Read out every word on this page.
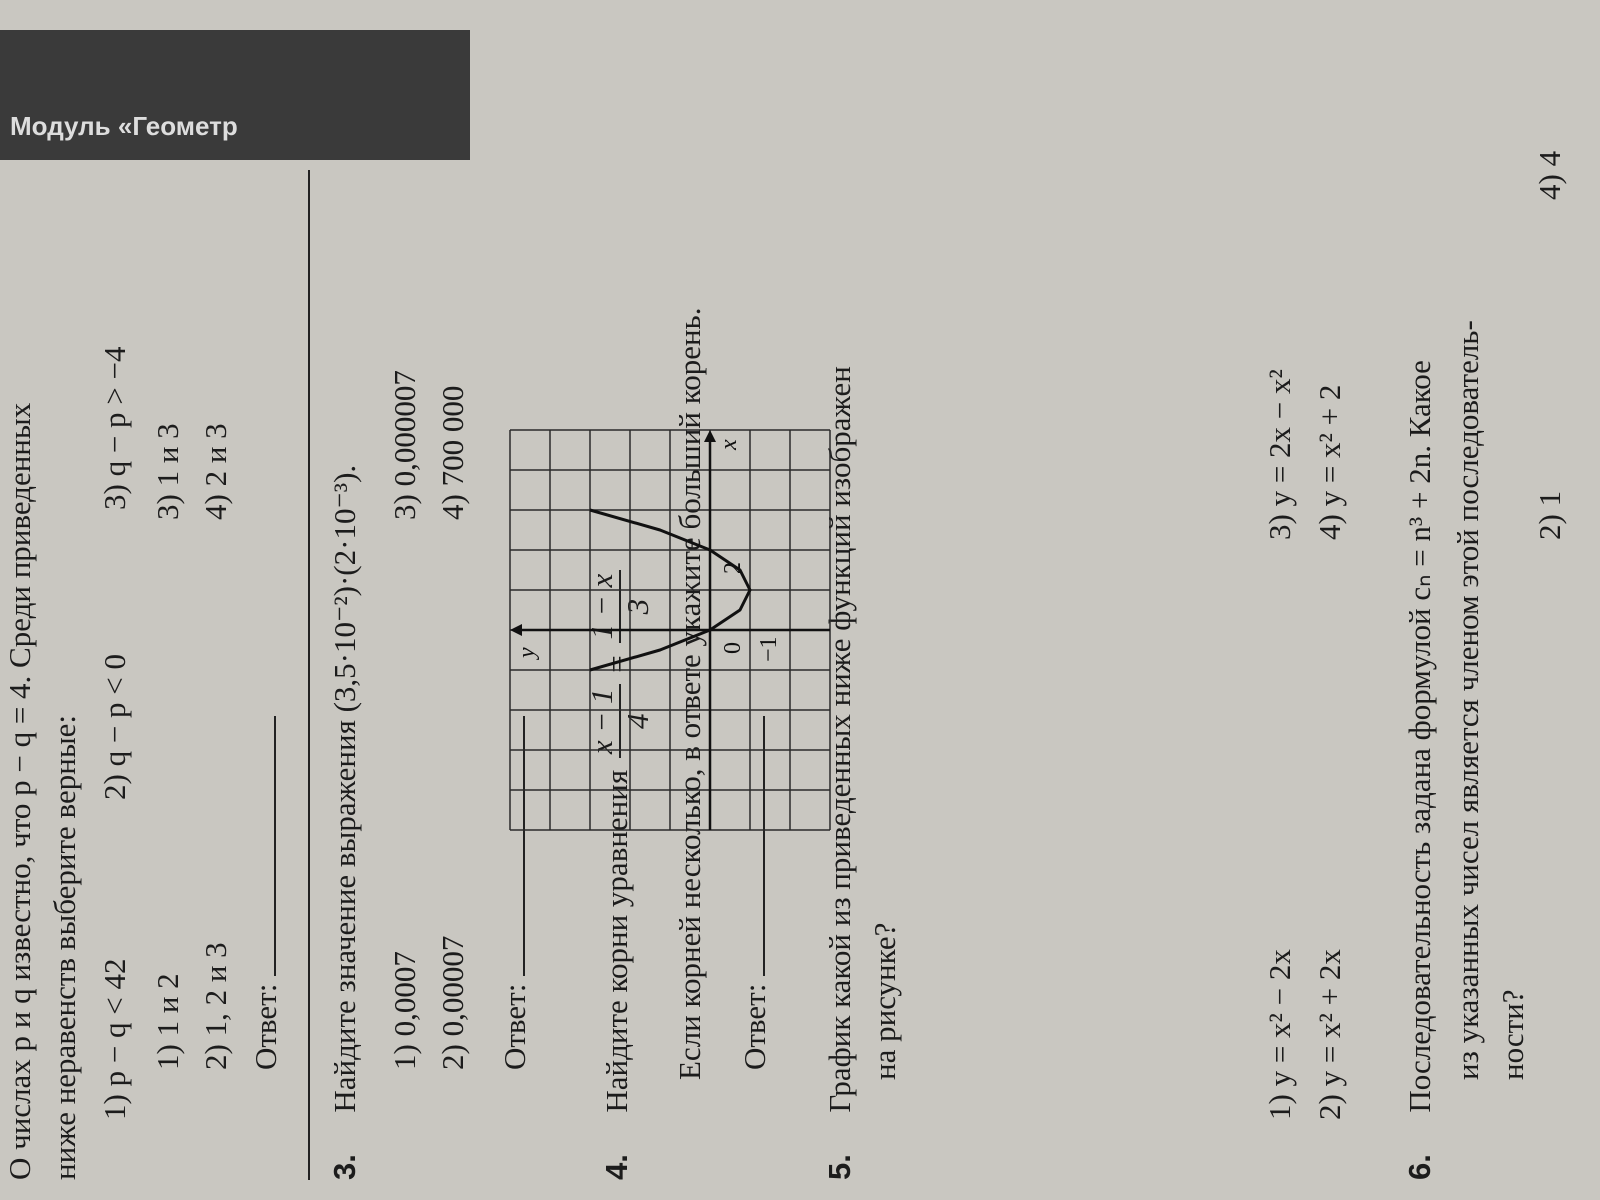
Модуль «Геометр
О числах p и q известно, что p − q = 4. Среди приведенных ниже неравенств выберите верные: 1) p − q < 42
2) q − p < 0
3) q − p > −4
1) 1 и 2 2) 1, 2 и 3
3) 1 и 3 4) 2 и 3
Ответ:
3.  Найдите значение выражения (3,5·10⁻²)·(2·10⁻³).
1) 0,0007 2) 0,00007
3) 0,000007 4) 700 000
Ответ:
4.  Найдите корни уравнения
x − 1 4
=
1 − x 3 Если корней несколько, в ответе укажите больший корень. Ответ:
5.  График какой из приведенных ниже функций изображен на рисунке?
x
y	0
2
−1
1) y = x² − 2x 2) y = x² + 2x
3) y = 2x − x² 4) y = x² + 2
6.  Последовательность задана формулой cₙ = n³ + 2n. Какое из указанных чисел является членом этой последователь- ности?
2) 1
4) 4
